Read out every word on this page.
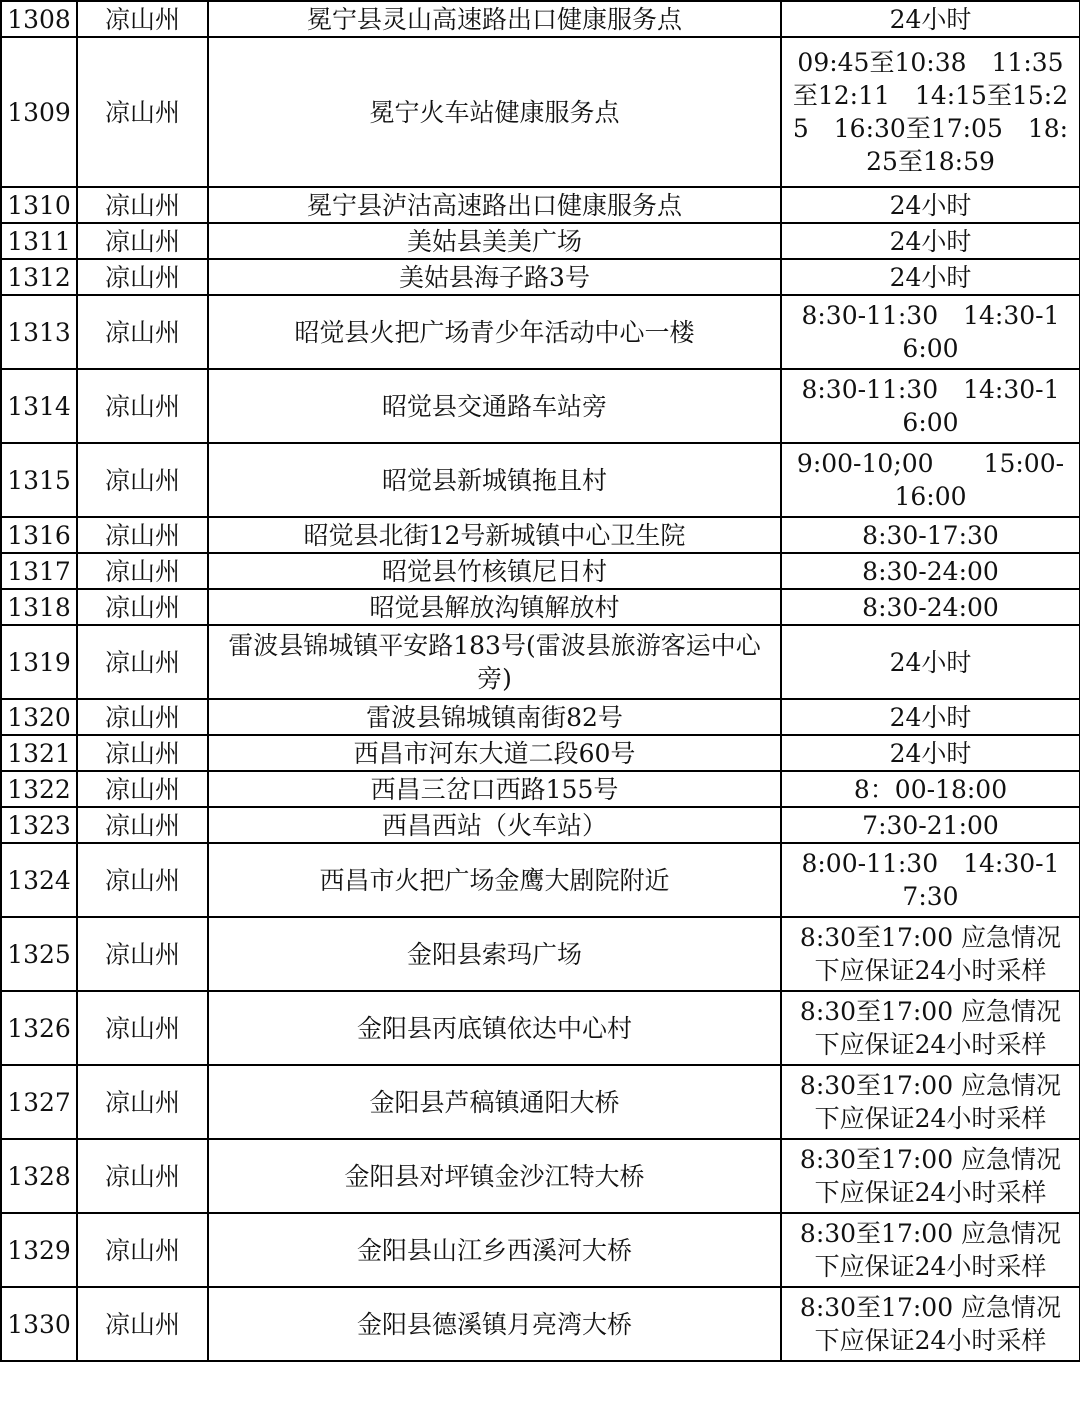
1308	凉山州	冕宁县灵山高速路出口健康服务点	24小时
1309	凉山州	冕宁火车站健康服务点	09:45至10:38　11:35至12:11　14:15至15:25　16:30至17:05　18:25至18:59
1310	凉山州	冕宁县泸沽高速路出口健康服务点	24小时
1311	凉山州	美姑县美美广场	24小时
1312	凉山州	美姑县海子路3号	24小时
1313	凉山州	昭觉县火把广场青少年活动中心一楼	8:30-11:30　14:30-16:00
1314	凉山州	昭觉县交通路车站旁	8:30-11:30　14:30-16:00
1315	凉山州	昭觉县新城镇拖且村	9:00-10;00　　15:00-16:00
1316	凉山州	昭觉县北街12号新城镇中心卫生院	8:30-17:30
1317	凉山州	昭觉县竹核镇尼日村	8:30-24:00
1318	凉山州	昭觉县解放沟镇解放村	8:30-24:00
1319	凉山州	雷波县锦城镇平安路183号(雷波县旅游客运中心旁)	24小时
1320	凉山州	雷波县锦城镇南街82号	24小时
1321	凉山州	西昌市河东大道二段60号	24小时
1322	凉山州	西昌三岔口西路155号	8：00-18:00
1323	凉山州	西昌西站（火车站）	7:30-21:00
1324	凉山州	西昌市火把广场金鹰大剧院附近	8:00-11:30　14:30-17:30
1325	凉山州	金阳县索玛广场	8:30至17:00 应急情况下应保证24小时采样
1326	凉山州	金阳县丙底镇依达中心村	8:30至17:00 应急情况下应保证24小时采样
1327	凉山州	金阳县芦稿镇通阳大桥	8:30至17:00 应急情况下应保证24小时采样
1328	凉山州	金阳县对坪镇金沙江特大桥	8:30至17:00 应急情况下应保证24小时采样
1329	凉山州	金阳县山江乡西溪河大桥	8:30至17:00 应急情况下应保证24小时采样
1330	凉山州	金阳县德溪镇月亮湾大桥	8:30至17:00 应急情况下应保证24小时采样
